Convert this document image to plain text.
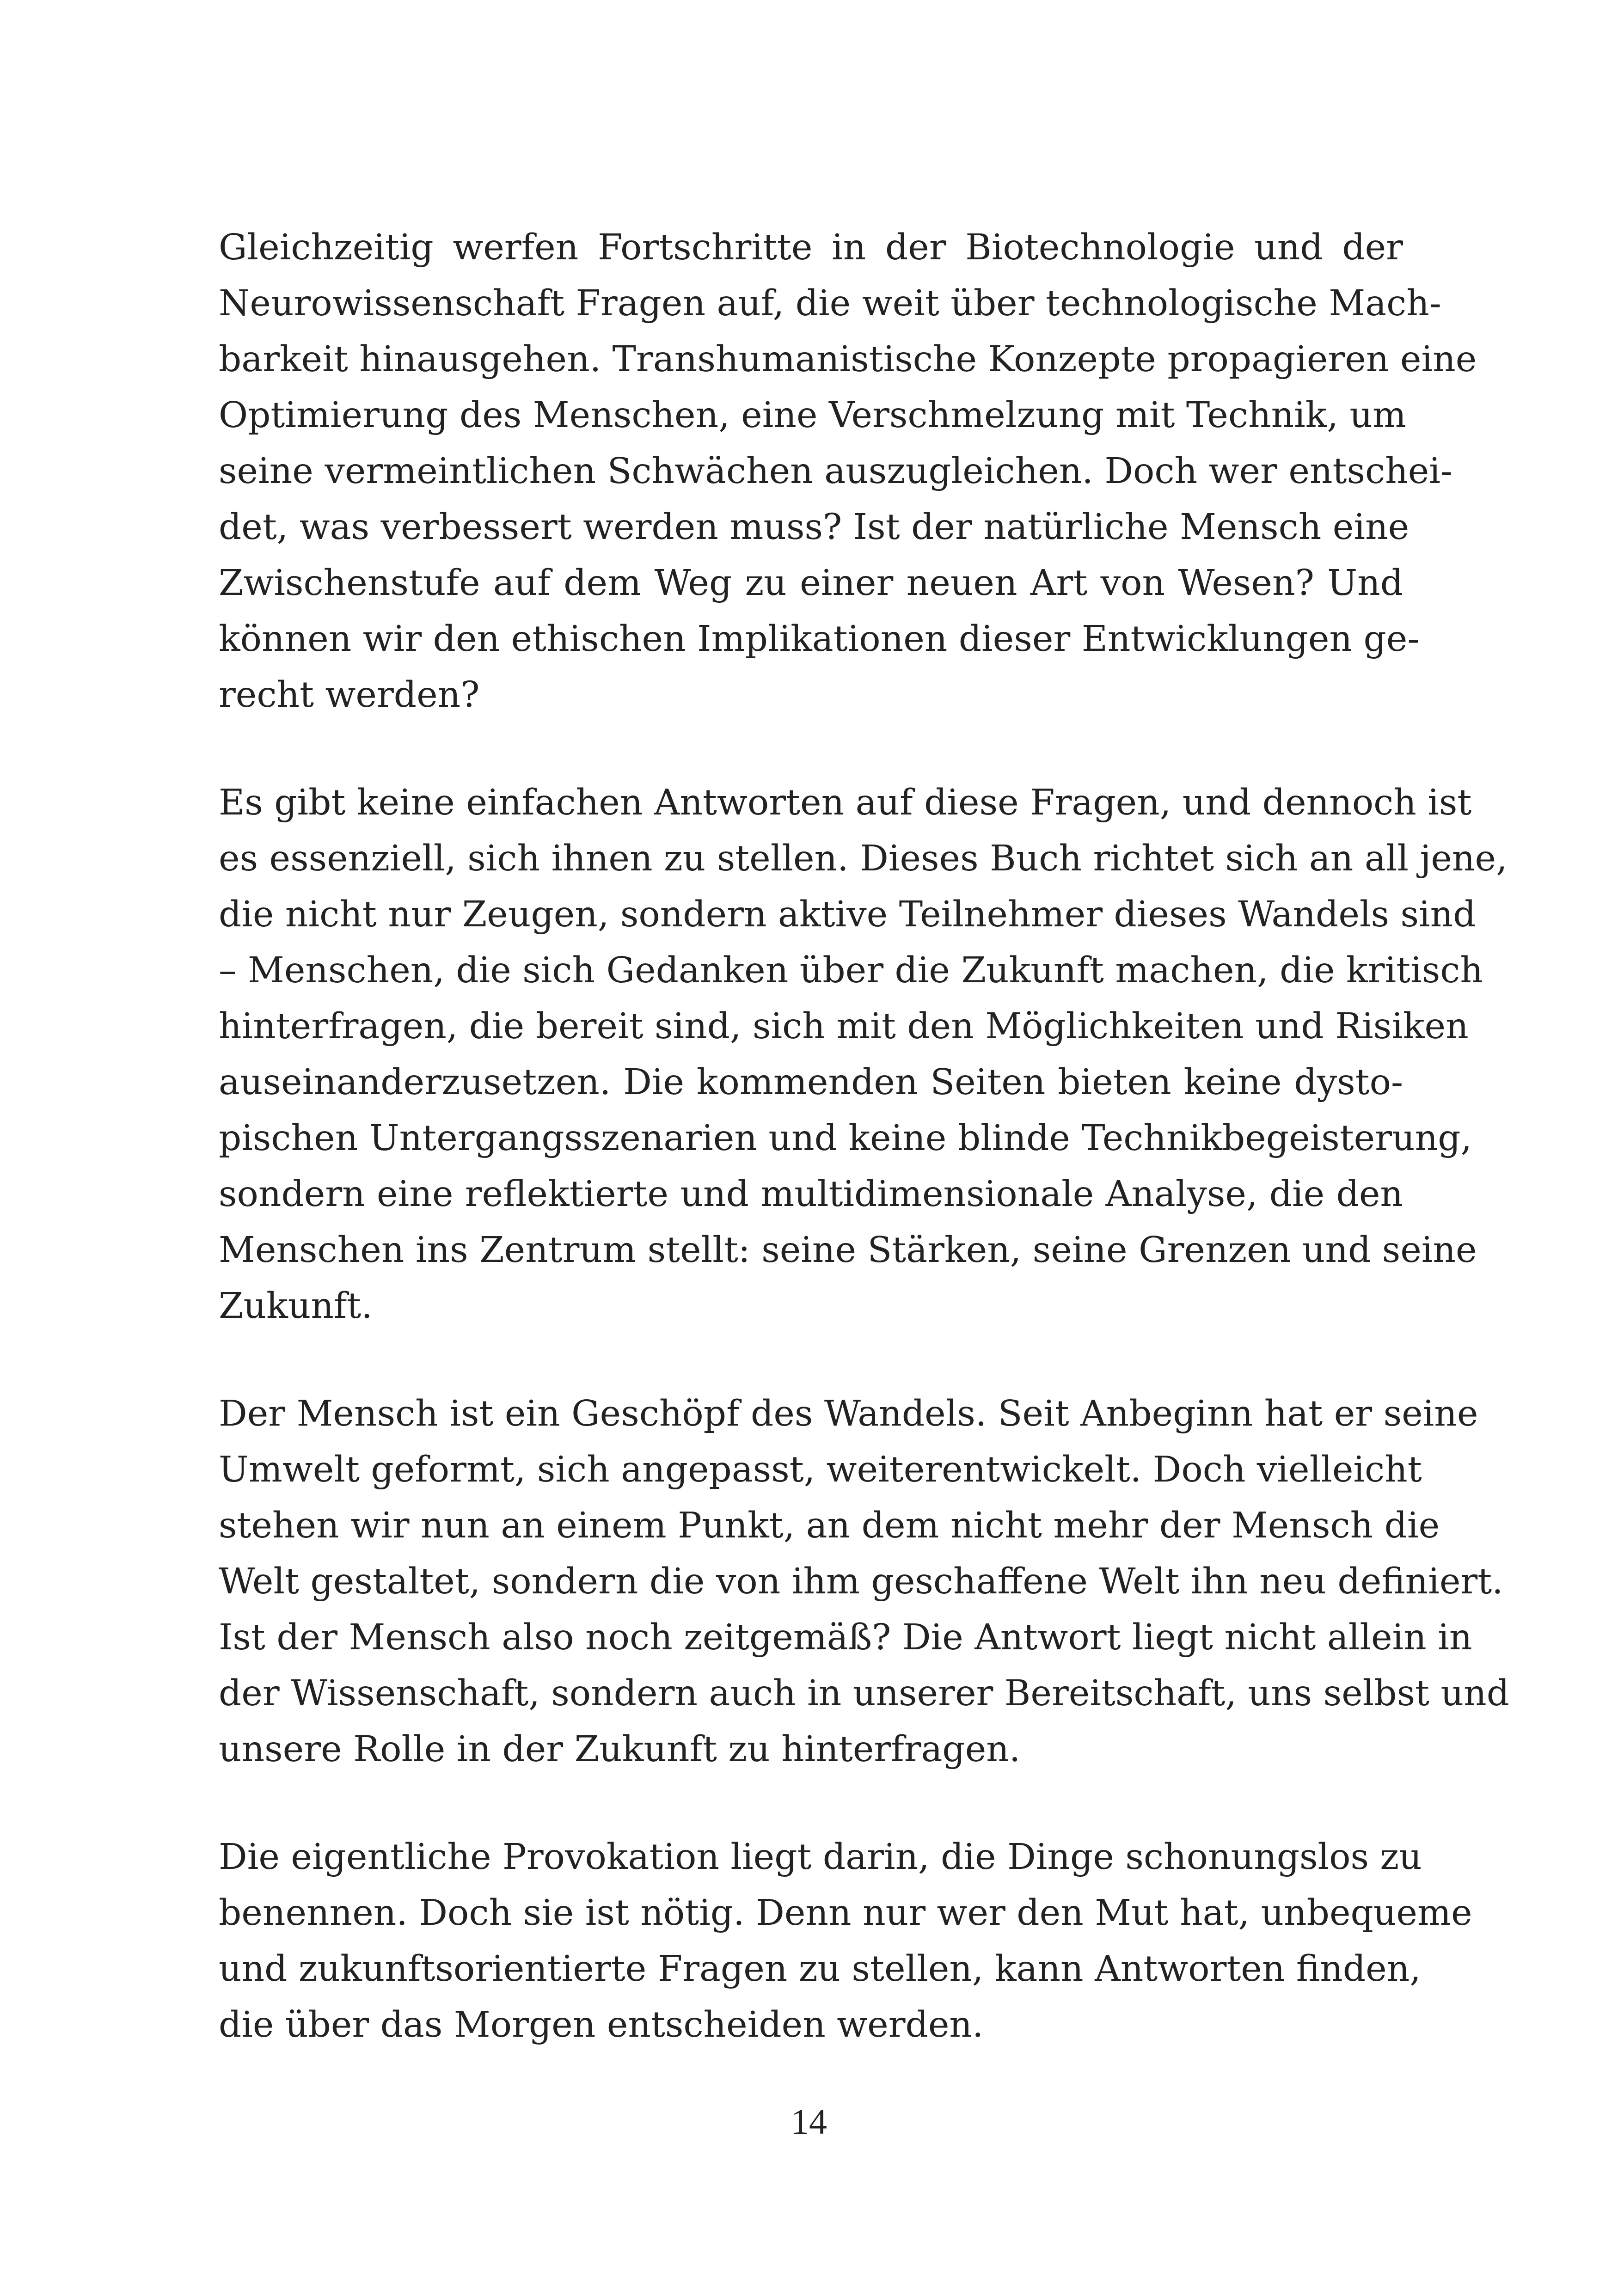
Gleichzeitig werfen Fortschritte in der Biotechnologie und der
Neurowissenschaft Fragen auf, die weit über technologische Mach-
barkeit hinausgehen. Transhumanistische Konzepte propagieren eine
Optimierung des Menschen, eine Verschmelzung mit Technik, um
seine vermeintlichen Schwächen auszugleichen. Doch wer entschei-
det, was verbessert werden muss? Ist der natürliche Mensch eine
Zwischenstufe auf dem Weg zu einer neuen Art von Wesen? Und
können wir den ethischen Implikationen dieser Entwicklungen ge-
recht werden?

Es gibt keine einfachen Antworten auf diese Fragen, und dennoch ist
es essenziell, sich ihnen zu stellen. Dieses Buch richtet sich an all jene,
die nicht nur Zeugen, sondern aktive Teilnehmer dieses Wandels sind
– Menschen, die sich Gedanken über die Zukunft machen, die kritisch
hinterfragen, die bereit sind, sich mit den Möglichkeiten und Risiken
auseinanderzusetzen. Die kommenden Seiten bieten keine dysto-
pischen Untergangsszenarien und keine blinde Technikbegeisterung,
sondern eine reflektierte und multidimensionale Analyse, die den
Menschen ins Zentrum stellt: seine Stärken, seine Grenzen und seine
Zukunft.

Der Mensch ist ein Geschöpf des Wandels. Seit Anbeginn hat er seine
Umwelt geformt, sich angepasst, weiterentwickelt. Doch vielleicht
stehen wir nun an einem Punkt, an dem nicht mehr der Mensch die
Welt gestaltet, sondern die von ihm geschaffene Welt ihn neu definiert.
Ist der Mensch also noch zeitgemäß? Die Antwort liegt nicht allein in
der Wissenschaft, sondern auch in unserer Bereitschaft, uns selbst und
unsere Rolle in der Zukunft zu hinterfragen.

Die eigentliche Provokation liegt darin, die Dinge schonungslos zu
benennen. Doch sie ist nötig. Denn nur wer den Mut hat, unbequeme
und zukunftsorientierte Fragen zu stellen, kann Antworten finden,
die über das Morgen entscheiden werden.

14
